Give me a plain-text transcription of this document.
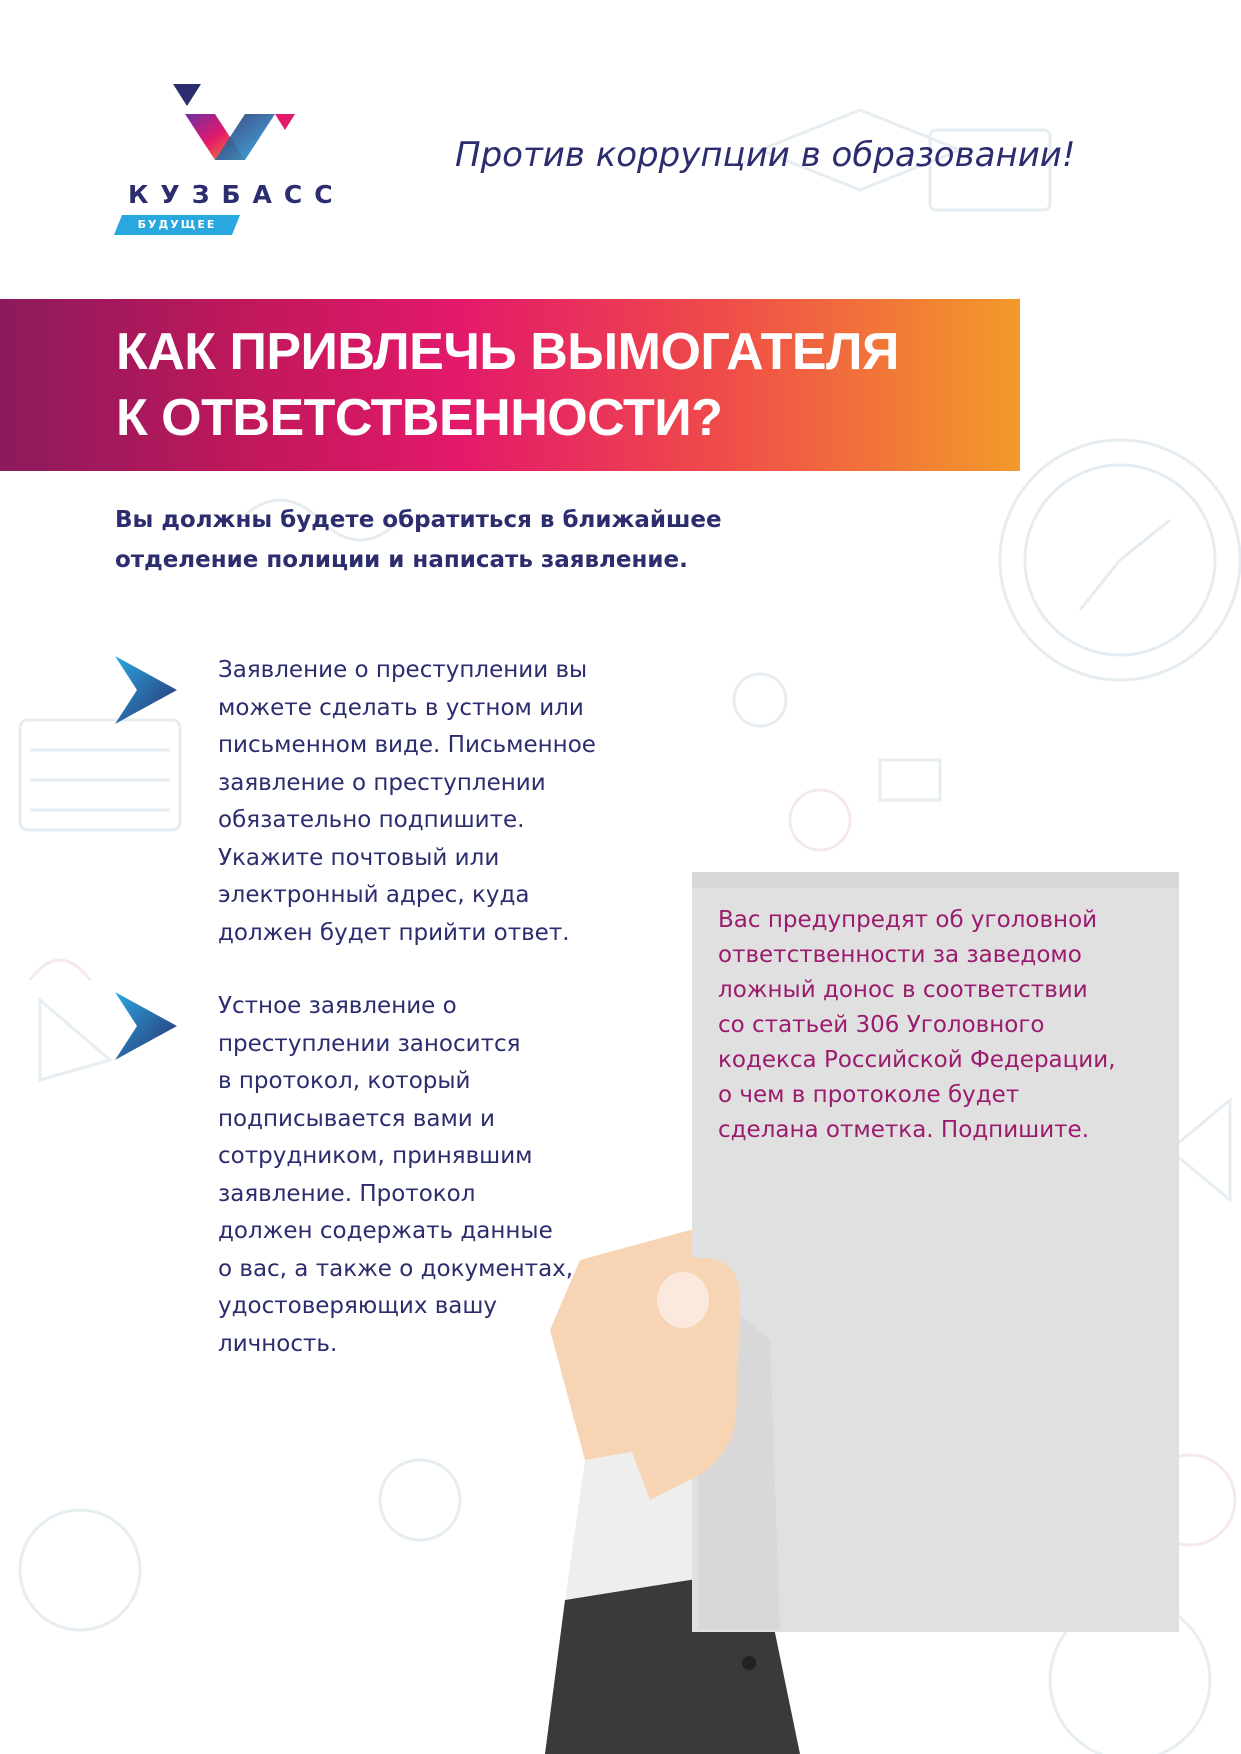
КУЗБАСС
БУДУЩЕЕ
Против коррупции в образовании!
КАК ПРИВЛЕЧЬ ВЫМОГАТЕЛЯ
К ОТВЕТСТВЕННОСТИ?

Вы должны будете обратиться в ближайшее
отделение полиции и написать заявление.

Заявление о преступлении вы
можете сделать в устном или
письменном виде. Письменное
заявление о преступлении
обязательно подпишите.
Укажите почтовый или
электронный адрес, куда
должен будет прийти ответ.

Устное заявление о
преступлении заносится
в протокол, который
подписывается вами и
сотрудником, принявшим
заявление. Протокол
должен содержать данные
о вас, а также о документах,
удостоверяющих вашу
личность.

Вас предупредят об уголовной
ответственности за заведомо
ложный донос в соответствии
со статьей 306 Уголовного
кодекса Российской Федерации,
о чем в протоколе будет
сделана отметка. Подпишите.
